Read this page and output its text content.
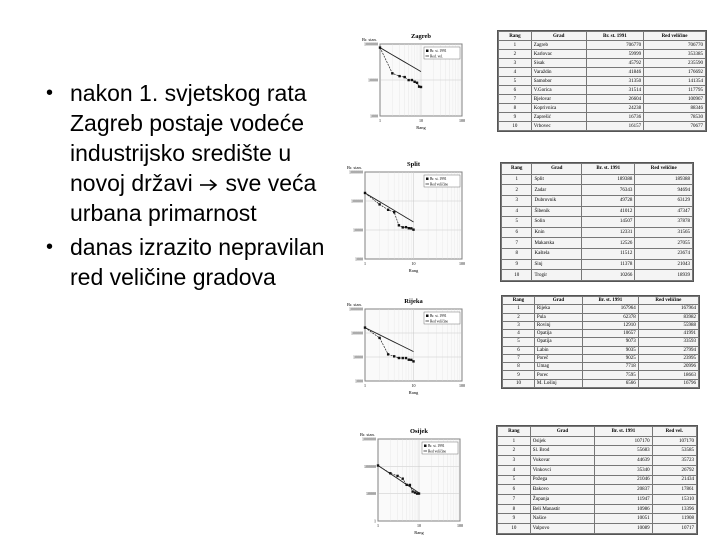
• nakon 1. svjetskog rata Zagreb postaje vodeće industrijsko središte u novoj državi sve veća urbana primarnost
• danas izrazito nepravilan red veličine gradova
Zagreb
Br. stan.
1000000
10000
1000
1	10	100
Rang
Br. st. 1991
Red. vel.
Split
Br. stan.
1000000
100000
10000
1000
1	10	100
Rang
Br. st. 1991
Red veličine
Rijeka
Br. stan.
1000000
100000
10000
1000
1	10	100
Rang
Br. st. 1991
Red veličine
Osijek
Br. stan.
1000000
100000
10000
1
1	10	100
Rang
Br. st. 1991
Red veličine
Rang	Grad	Br. st. 1991	Red veličine
1	Zagreb	706770	706770
2	Karlovac	59999	353385
3	Sisak	45792	235590
4	Varaždin	41846	176692
5	Samobor	31350	141354
6	V.Gorica	31514	117795
7	Bjelovar	26604	100967
8	Koprivnica	24238	88346
9	Zaprešić	16736	78530
10	Vrbovec	16157	70677
Rang	Grad	Br. st. 1991	Red veličine
1	Split	189388	189388
2	Zadar	76343	94694
3	Dubrovnik	49728	63129
4	Šibenik	41012	47347
5	Solin	14507	37878
6	Knin	12331	31565
7	Makarska	12526	27055
8	Kaštela	11512	23674
9	Sinj	11378	21043
10	Trogir	10266	18939
Rang	Grad	Br. st. 1991	Red veličine
1	Rijeka	167964	167964
2	Pula	62378	83982
3	Rovinj	12910	55988
4	Opatija	10657	41991
5	Opatija	9073	33593
6	Labin	9035	27994
7	Poreč	9025	23995
8	Umag	7718	20996
9	Porec	7595	18663
10	M. Lošinj	6566	16796
Rang	Grad	Br. st. 1991	Red vel.
1	Osijek	107170	107170
2	Sl. Brod	55683	53585
3	Vukovar	44639	35723
4	Vinkovci	35340	26792
5	Požega	21046	21434
6	Đakovo	20837	17861
7	Županja	11947	15310
8	Beli Manastir	10986	13396
9	Našice	10051	11908
10	Valpovo	10089	10717
